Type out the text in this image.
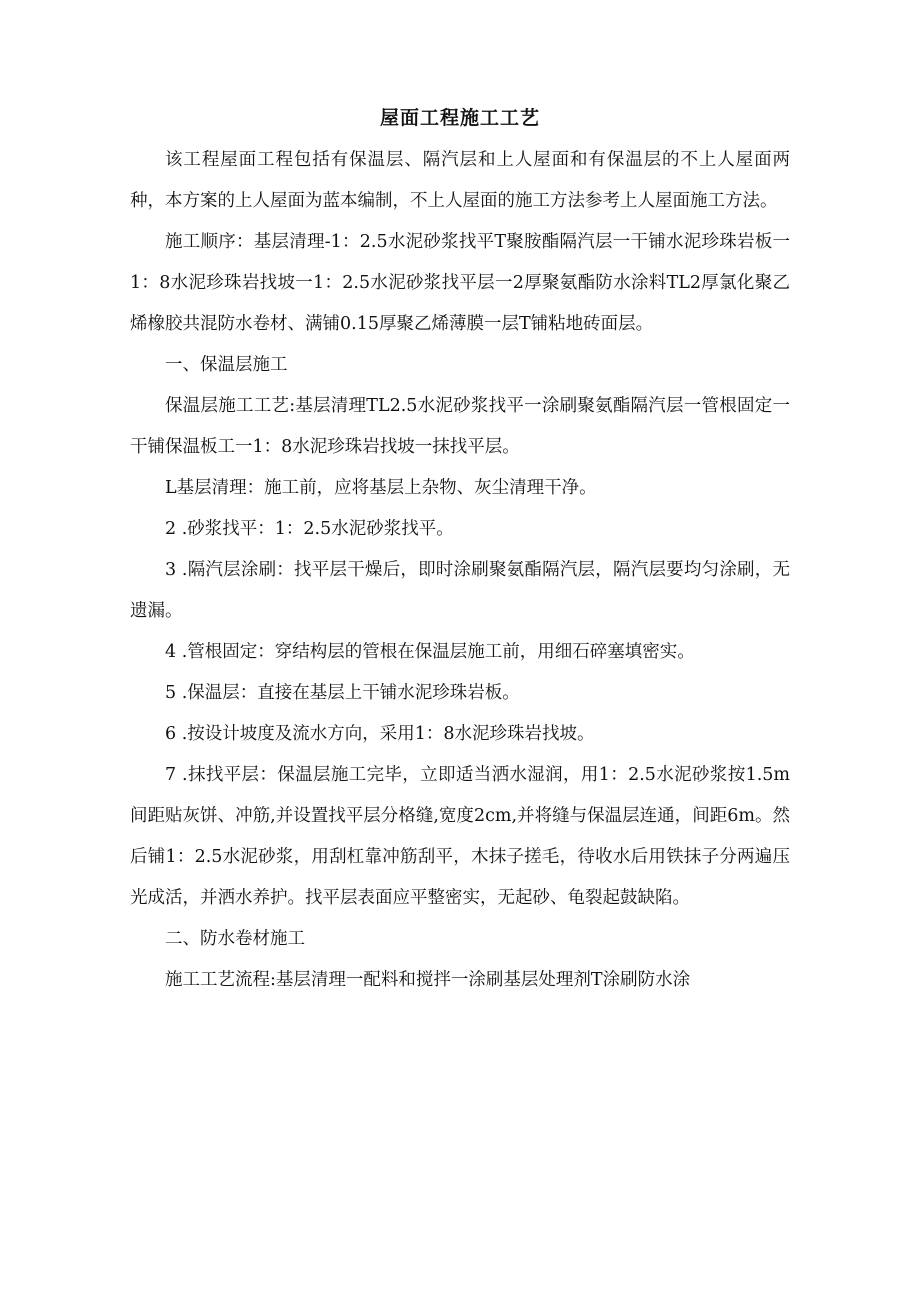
屋面工程施工工艺

该工程屋面工程包括有保温层、隔汽层和上人屋面和有保温层的不上人屋面两种，本方案的上人屋面为蓝本编制，不上人屋面的施工方法参考上人屋面施工方法。

施工顺序：基层清理-1：2.5水泥砂浆找平T聚胺酯隔汽层一干铺水泥珍珠岩板一1：8水泥珍珠岩找坡一1：2.5水泥砂浆找平层一2厚聚氨酯防水涂料TL2厚氯化聚乙烯橡胶共混防水卷材、满铺0.15厚聚乙烯薄膜一层T铺粘地砖面层。

一、保温层施工

保温层施工工艺:基层清理TL2.5水泥砂浆找平一涂刷聚氨酯隔汽层一管根固定一干铺保温板工一1：8水泥珍珠岩找坡一抹找平层。

L基层清理：施工前，应将基层上杂物、灰尘清理干净。

2 .砂浆找平：1：2.5水泥砂浆找平。

3 .隔汽层涂刷：找平层干燥后，即时涂刷聚氨酯隔汽层，隔汽层要均匀涂刷，无遗漏。

4 .管根固定：穿结构层的管根在保温层施工前，用细石碎塞填密实。

5 .保温层：直接在基层上干铺水泥珍珠岩板。

6 .按设计坡度及流水方向，采用1：8水泥珍珠岩找坡。

7 .抹找平层：保温层施工完毕，立即适当洒水湿润，用1：2.5水泥砂浆按1.5m间距贴灰饼、冲筋,并设置找平层分格缝,宽度2cm,并将缝与保温层连通，间距6m。然后铺1：2.5水泥砂浆，用刮杠靠冲筋刮平，木抹子搓毛，待收水后用铁抹子分两遍压光成活，并洒水养护。找平层表面应平整密实，无起砂、龟裂起鼓缺陷。

二、防水卷材施工

施工工艺流程:基层清理一配料和搅拌一涂刷基层处理剂T涂刷防水涂
